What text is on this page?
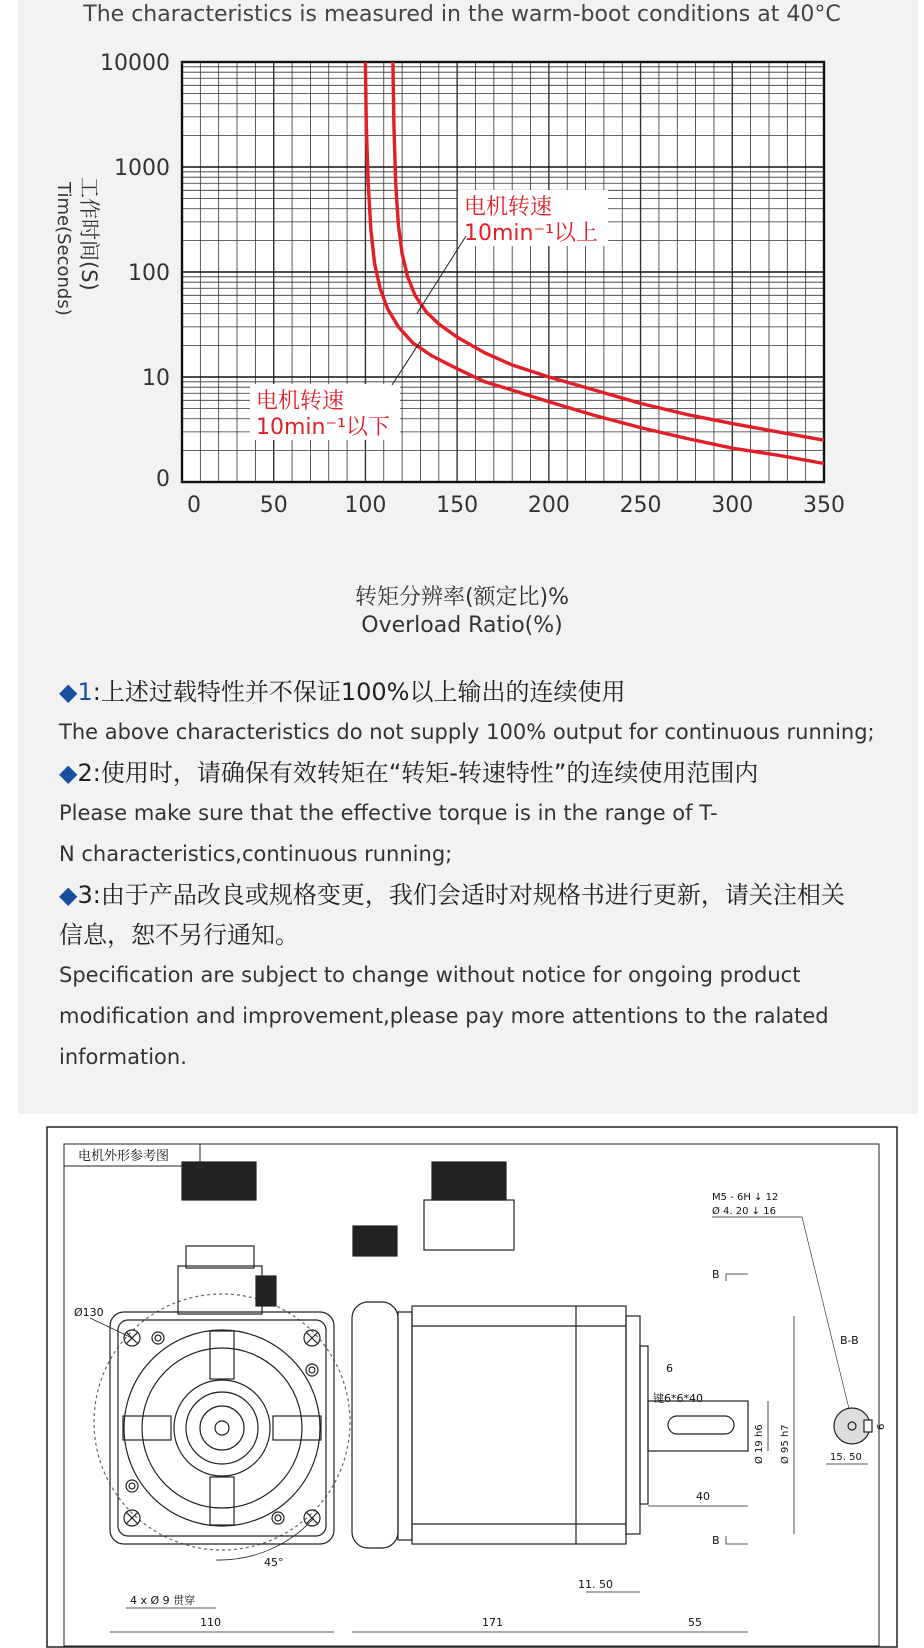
The characteristics is measured in the warm-boot conditions at 40°C
0	50	100 150 200 250 300 350
0
10
100
1000
10000
工作时间(S)
Time(Seconds)
电机转速
10min⁻¹以下
电机转速
10min⁻¹以上
转矩分辨率(额定比)%
Overload Ratio(%)
◆1:上述过载特性并不保证100%以上输出的连续使用
The above characteristics do not supply 100% output for continuous running;
◆2:使用时，请确保有效转矩在“转矩-转速特性”的连续使用范围内
Please make sure that the effective torque is in the range of T-N characteristics,continuous running;
◆3:由于产品改良或规格变更，我们会适时对规格书进行更新，请关注相关信息，恕不另行通知。
Specification are subject to change without notice for ongoing product modification and improvement,please pay more attentions to the ralated information.
电机外形参考图
Ø130
45°
4 x Ø 9 贯穿
110	171	55
11. 50
40
6
键6*6*40
Ø 19 h6 Ø 95 h7
M5 - 6H ↓ 12
Ø 4. 20 ↓ 16
B
B
B-B
15. 50
6
